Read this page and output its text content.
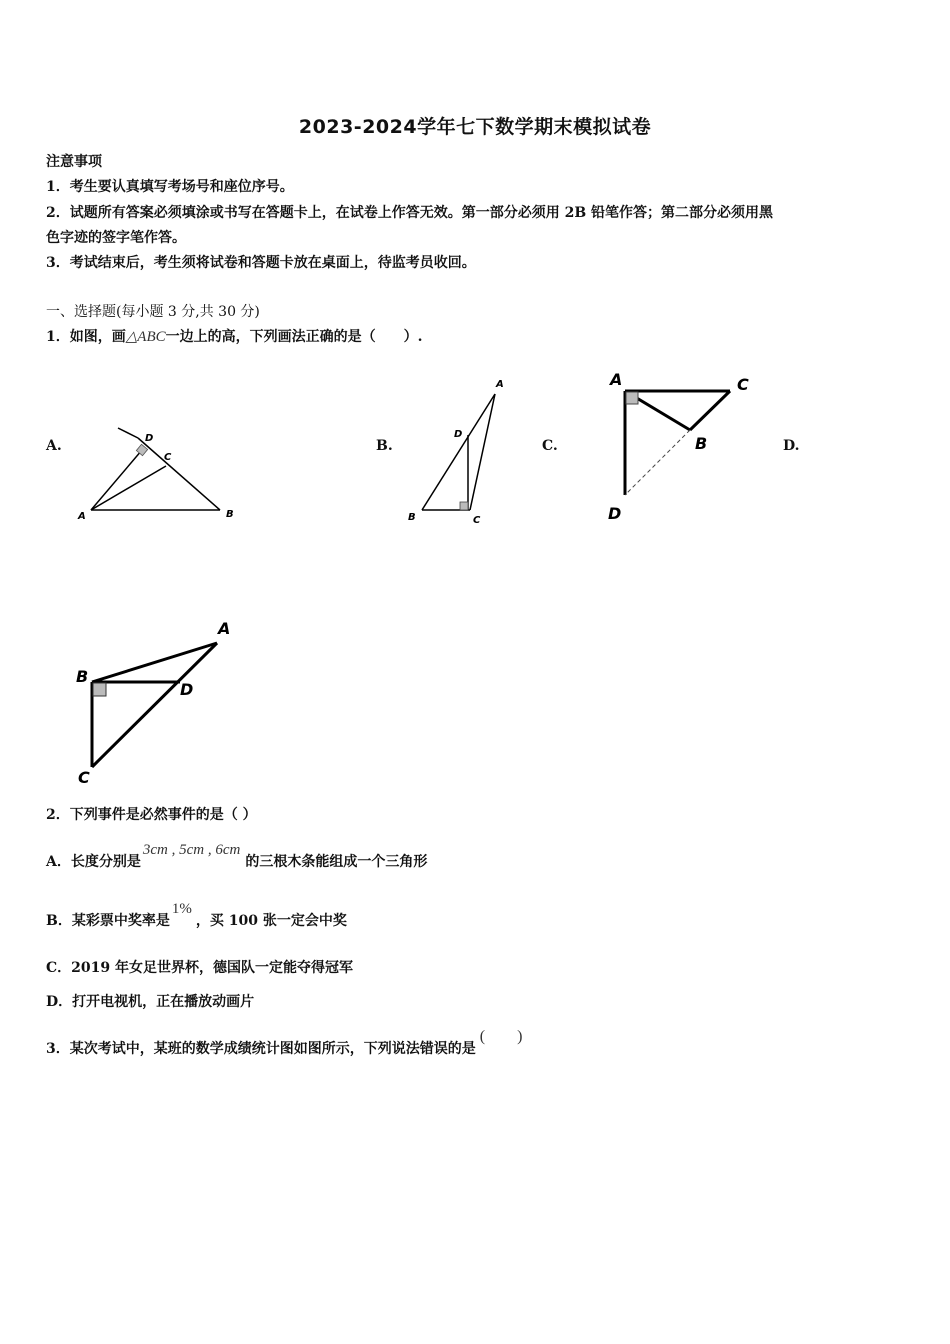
2023-2024学年七下数学期末模拟试卷
注意事项
1．考生要认真填写考场号和座位序号。
2．试题所有答案必须填涂或书写在答题卡上，在试卷上作答无效。第一部分必须用 2B 铅笔作答；第二部分必须用黑
色字迹的签字笔作答。
3．考试结束后，考生须将试卷和答题卡放在桌面上，待监考员收回。
一、选择题(每小题 3 分,共 30 分)
1．如图，画△ABC一边上的高，下列画法正确的是（　　）.
A.	B.	C.	D.
A	B
C
D
A
B	C
D
A
B
C
D
A
B
C
D
2．下列事件是必然事件的是（ ）
A．长度分别是3cm , 5cm , 6cm的三根木条能组成一个三角形
B．某彩票中奖率是1%，买 100 张一定会中奖
C．2019 年女足世界杯，德国队一定能夺得冠军
D．打开电视机，正在播放动画片
3．某次考试中，某班的数学成绩统计图如图所示，下列说法错误的是(　　)
